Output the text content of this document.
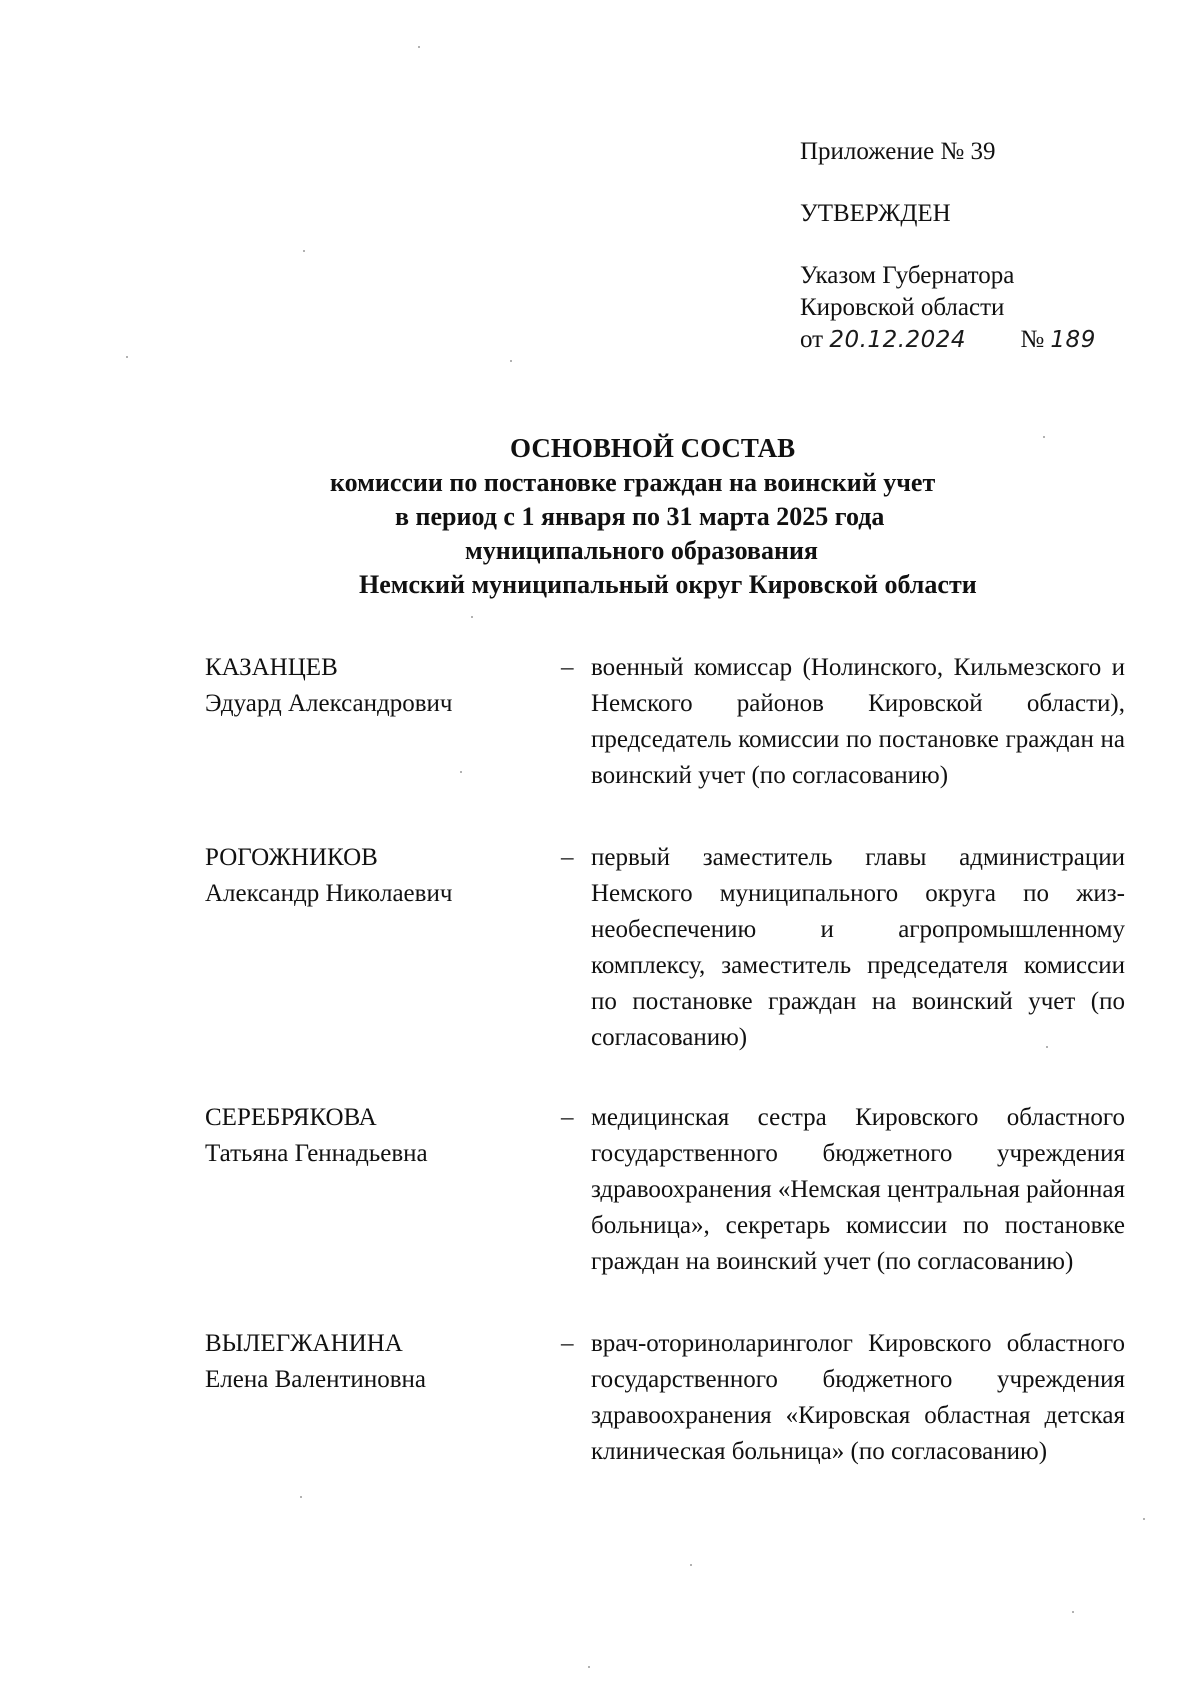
Приложение № 39
УТВЕРЖДЕН
Указом Губернатора
Кировской области
от 20.12.2024 № 189
ОСНОВНОЙ СОСТАВ
комиссии по постановке граждан на воинский учет
в период с 1 января по 31 марта 2025 года
муниципального образования
Немский муниципальный округ Кировской области
КАЗАНЦЕВ
Эдуард Александрович
– военный комиссар (Нолинского, Кильмезского и Немского районов Кировской области), председатель комиссии по постановке граждан на воинский учет (по согласованию)
РОГОЖНИКОВ
Александр Николаевич
– первый заместитель главы администрации Немского муниципального округа по жизнеобеспечению и агропромышленному комплексу, заместитель председателя комиссии по постановке граждан на воинский учет (по согласованию)
СЕРЕБРЯКОВА
Татьяна Геннадьевна
– медицинская сестра Кировского областного государственного бюджетного учреждения здравоохранения «Немская центральная районная больница», секретарь комиссии по постановке граждан на воинский учет (по согласованию)
ВЫЛЕГЖАНИНА
Елена Валентиновна
– врач-оториноларинголог Кировского областного государственного бюджетного учреждения здравоохранения «Кировская областная детская клиническая больница» (по согласованию)
